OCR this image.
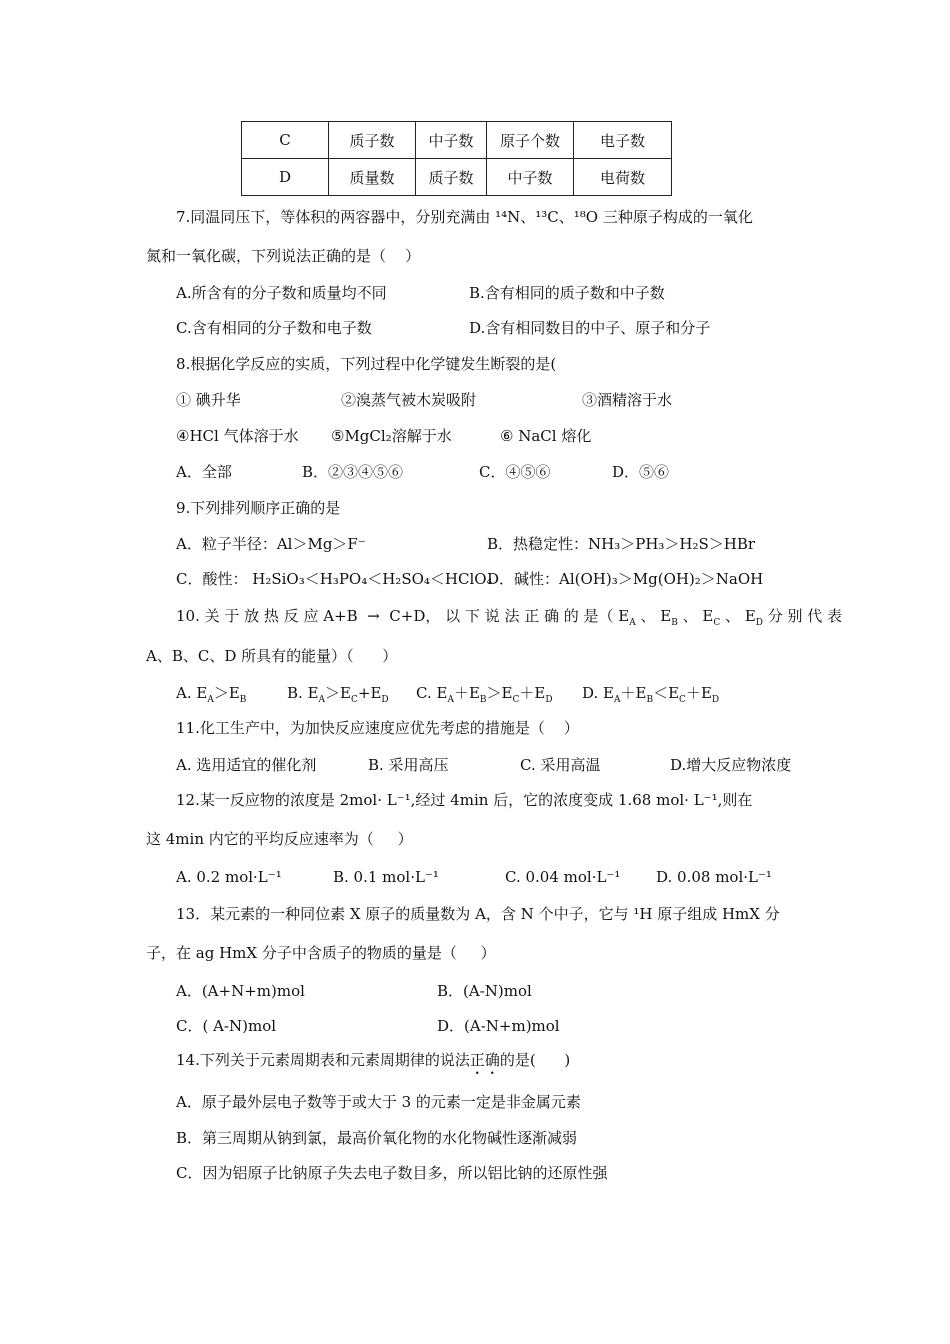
C	质子数	中子数	原子个数	电子数
D	质量数	质子数	中子数	电荷数
7.同温同压下，等体积的两容器中，分别充满由 ¹⁴N、¹³C、¹⁸O 三种原子构成的一氧化
氮和一氧化碳，下列说法正确的是（    ）
A.所含有的分子数和质量均不同	B.含有相同的质子数和中子数
C.含有相同的分子数和电子数	D.含有相同数目的中子、原子和分子
8.根据化学反应的实质，下列过程中化学键发生断裂的是(
① 碘升华	②溴蒸气被木炭吸附	③酒精溶于水
④HCl 气体溶于水 ⑤MgCl₂溶解于水	⑥ NaCl 熔化
A．全部	B．②③④⑤⑥	C．④⑤⑥	D．⑤⑥
9.下列排列顺序正确的是
A．粒子半径：Al＞Mg＞F⁻	B．热稳定性：NH₃＞PH₃＞H₂S＞HBr
C．酸性： H₂SiO₃＜H₃PO₄＜H₂SO₄＜HClO₄
D．碱性：Al(OH)₃＞Mg(OH)₂＞NaOH
10. 关 于 放 热 反 应 A+B  →  C+D， 以 下 说 法 正 确 的 是（ $E_A$ 、 $E_B$ 、 $E_C$ 、 $E_D$ 分 别 代 表
A、B、C、D 所具有的能量）（      ）
A. $E_A>E_B$	B. $E_A>E_C+E_D$ C. $E_A+E_B>E_C+E_D$ D. $E_A+E_B<E_C+E_D$
11.化工生产中，为加快反应速度应优先考虑的措施是（    ）
A. 选用适宜的催化剂	B. 采用高压	C. 采用高温	D.增大反应物浓度
12.某一反应物的浓度是 2mol· L⁻¹,经过 4min 后，它的浓度变成 1.68 mol· L⁻¹,则在
这 4min 内它的平均反应速率为（     ）
A. 0.2 mol·L⁻¹	B. 0.1 mol·L⁻¹	C. 0.04 mol·L⁻¹ D. 0.08 mol·L⁻¹
13．某元素的一种同位素 X 原子的质量数为 A，含 N 个中子，它与 ¹H 原子组成 HmX 分
子，在 ag HmX 分子中含质子的物质的量是（     ）
A．(A+N+m)mol	B．(A-N)mol
C．( A-N)mol	D．(A-N+m)mol
14.下列关于元素周期表和元素周期律的说法正确的是(      )
A．原子最外层电子数等于或大于 3 的元素一定是非金属元素
B．第三周期从钠到氯，最高价氧化物的水化物碱性逐渐减弱
C．因为铝原子比钠原子失去电子数目多，所以铝比钠的还原性强
